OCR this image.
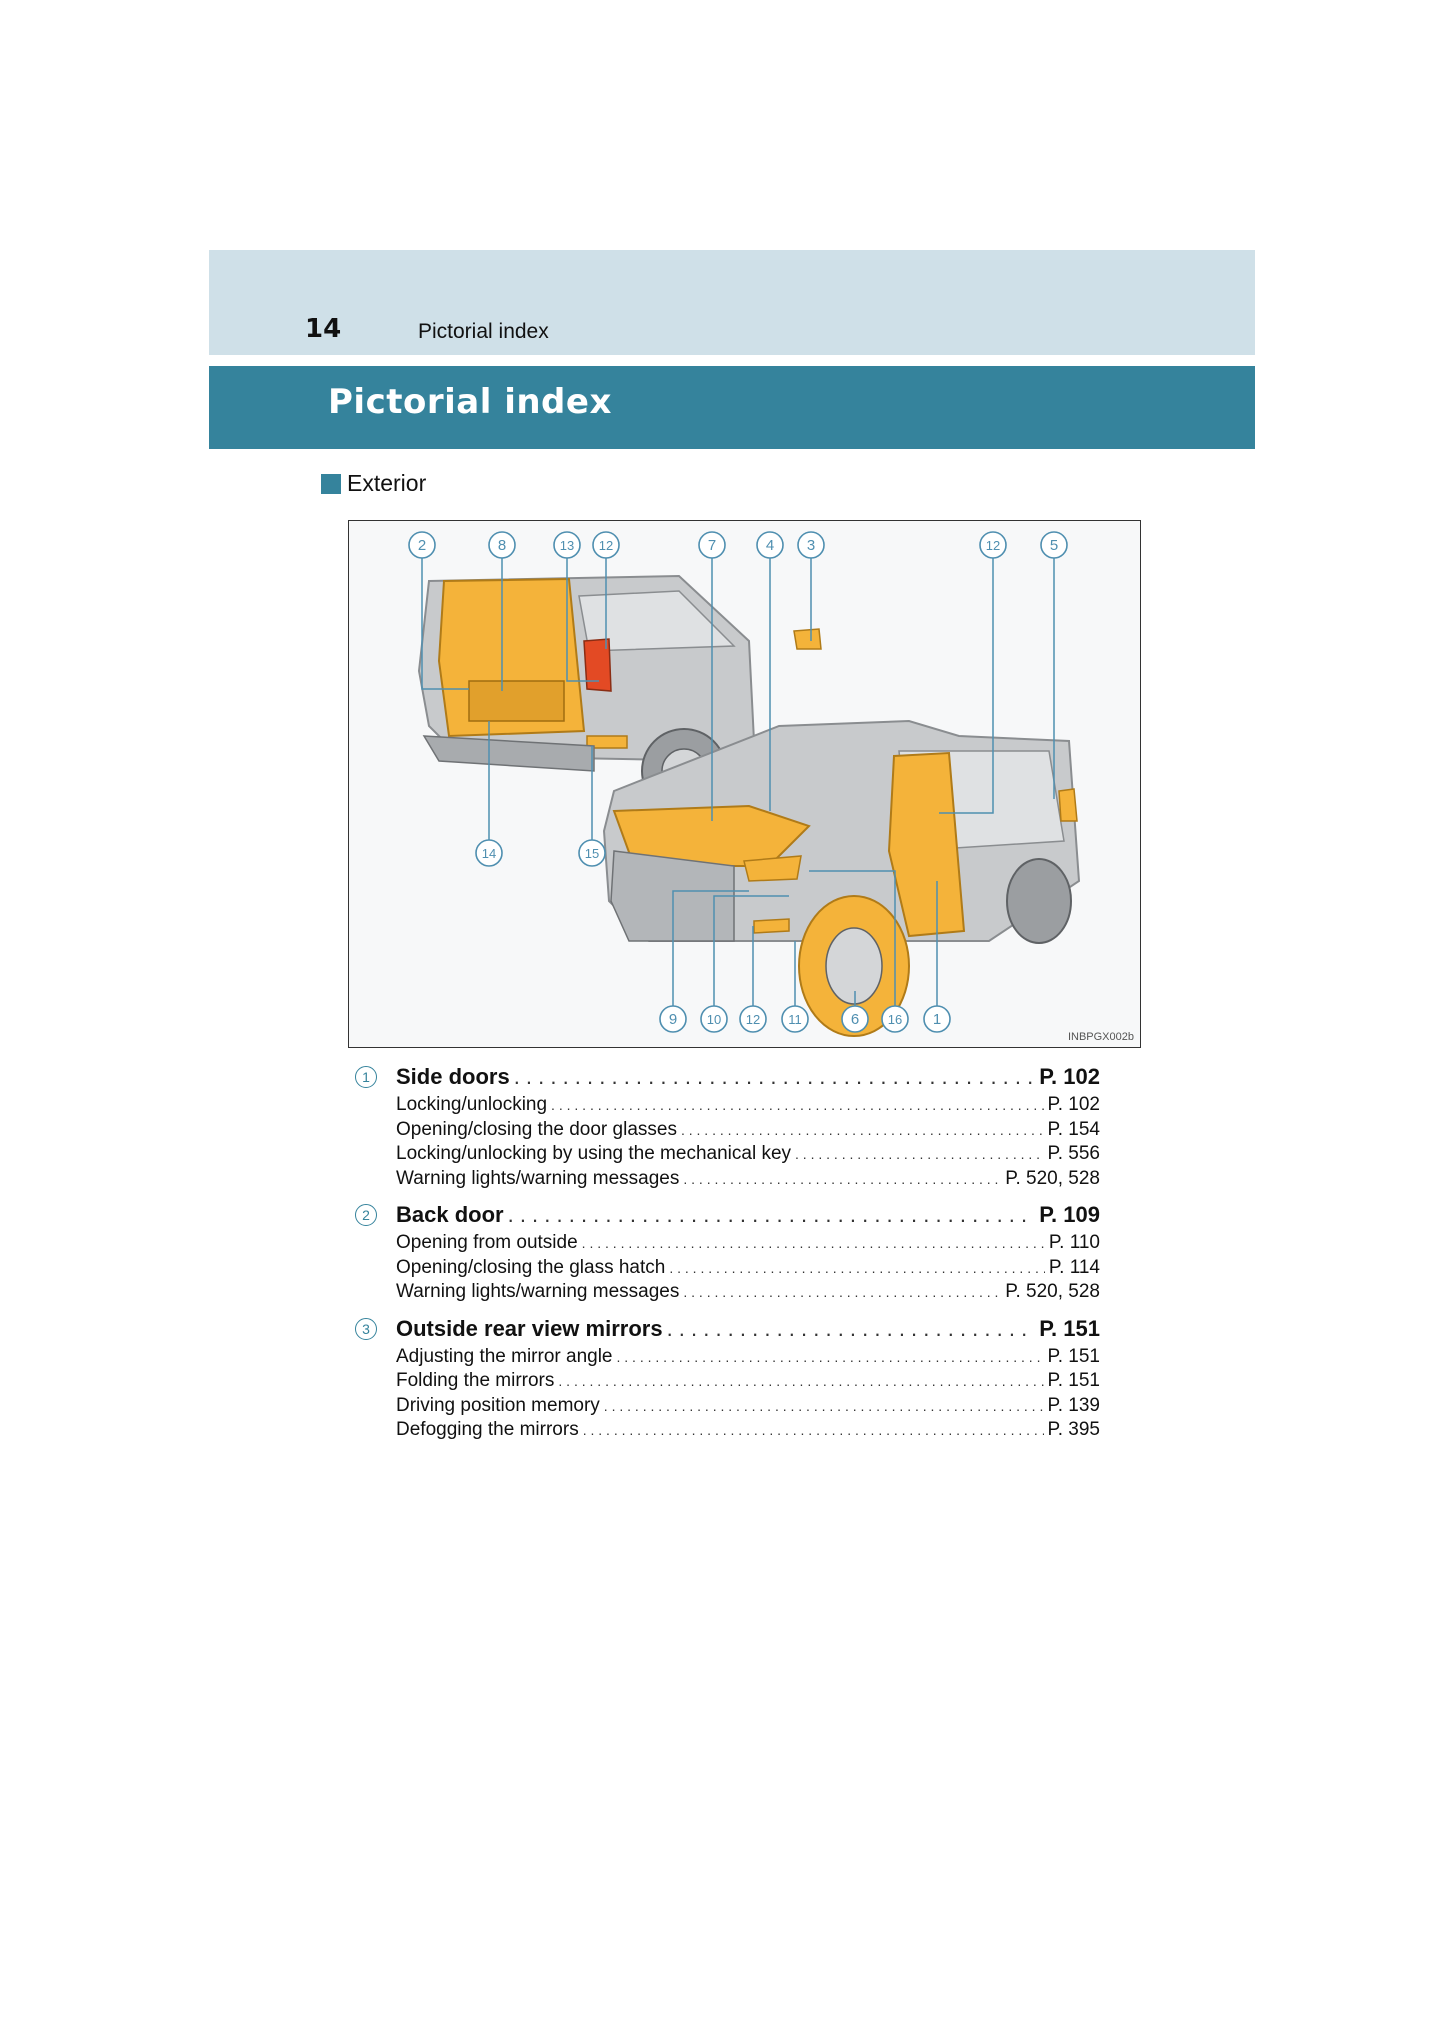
14	Pictorial index
Pictorial index
Exterior
2	8	13 12	7	4 3	12	5
14	15
9 10 12 11	6 16 1
INBPGX002b
1	Side doors . . .	P. 102
Locking/unlocking . . .	P. 102
Opening/closing the door glasses . . .	P. 154
Locking/unlocking by using the mechanical key . . .	P. 556
Warning lights/warning messages . . .	P. 520, 528
2	Back door . . .	P. 109
Opening from outside . . .	P. 110
Opening/closing the glass hatch . . .	P. 114
Warning lights/warning messages . . .	P. 520, 528
3	Outside rear view mirrors . . .	P. 151
Adjusting the mirror angle . . .	P. 151
Folding the mirrors . . .	P. 151
Driving position memory . . .	P. 139
Defogging the mirrors . . .	P. 395
